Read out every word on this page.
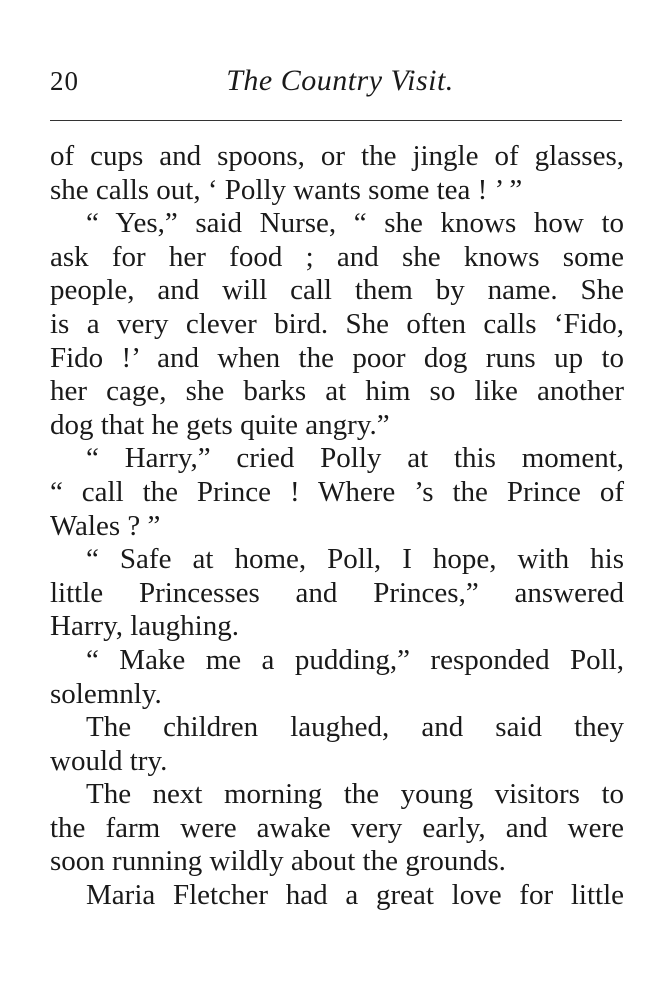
20	The Country Visit.
of cups and spoons, or the jingle of glasses,
she calls out, ‘ Polly wants some tea ! ’ ”
“ Yes,” said Nurse, “ she knows how to
ask for her food ; and she knows some
people, and will call them by name. She
is a very clever bird. She often calls ‘Fido,
Fido !’ and when the poor dog runs up to
her cage, she barks at him so like another
dog that he gets quite angry.”
“ Harry,” cried Polly at this moment,
“ call the Prince ! Where ’s the Prince of
Wales ? ”
“ Safe at home, Poll, I hope, with his
little Princesses and Princes,” answered
Harry, laughing.
“ Make me a pudding,” responded Poll,
solemnly.
The children laughed, and said they
would try.
The next morning the young visitors to
the farm were awake very early, and were
soon running wildly about the grounds.
Maria Fletcher had a great love for little
